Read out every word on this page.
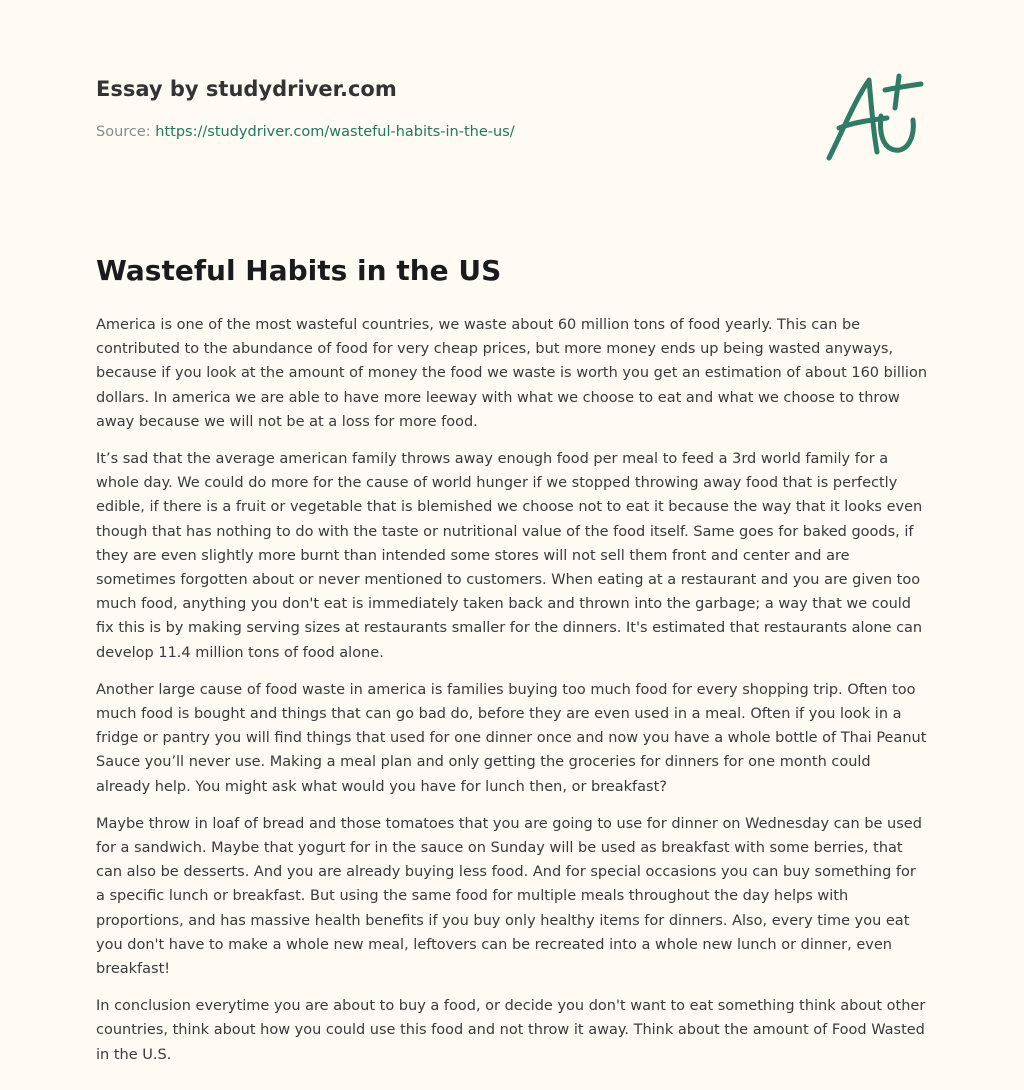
Essay by studydriver.com
Source: https://studydriver.com/wasteful-habits-in-the-us/
Wasteful Habits in the US

America is one of the most wasteful countries, we waste about 60 million tons of food yearly. This can be contributed to the abundance of food for very cheap prices, but more money ends up being wasted anyways, because if you look at the amount of money the food we waste is worth you get an estimation of about 160 billion dollars. In america we are able to have more leeway with what we choose to eat and what we choose to throw away because we will not be at a loss for more food.

It’s sad that the average american family throws away enough food per meal to feed a 3rd world family for a whole day. We could do more for the cause of world hunger if we stopped throwing away food that is perfectly edible, if there is a fruit or vegetable that is blemished we choose not to eat it because the way that it looks even though that has nothing to do with the taste or nutritional value of the food itself. Same goes for baked goods, if they are even slightly more burnt than intended some stores will not sell them front and center and are sometimes forgotten about or never mentioned to customers. When eating at a restaurant and you are given too much food, anything you don't eat is immediately taken back and thrown into the garbage; a way that we could fix this is by making serving sizes at restaurants smaller for the dinners. It's estimated that restaurants alone can develop 11.4 million tons of food alone.

Another large cause of food waste in america is families buying too much food for every shopping trip. Often too much food is bought and things that can go bad do, before they are even used in a meal. Often if you look in a fridge or pantry you will find things that used for one dinner once and now you have a whole bottle of Thai Peanut Sauce you’ll never use. Making a meal plan and only getting the groceries for dinners for one month could already help. You might ask what would you have for lunch then, or breakfast?

Maybe throw in loaf of bread and those tomatoes that you are going to use for dinner on Wednesday can be used for a sandwich. Maybe that yogurt for in the sauce on Sunday will be used as breakfast with some berries, that can also be desserts. And you are already buying less food. And for special occasions you can buy something for a specific lunch or breakfast. But using the same food for multiple meals throughout the day helps with proportions, and has massive health benefits if you buy only healthy items for dinners. Also, every time you eat you don't have to make a whole new meal, leftovers can be recreated into a whole new lunch or dinner, even breakfast!

In conclusion everytime you are about to buy a food, or decide you don't want to eat something think about other countries, think about how you could use this food and not throw it away. Think about the amount of Food Wasted in the U.S.
